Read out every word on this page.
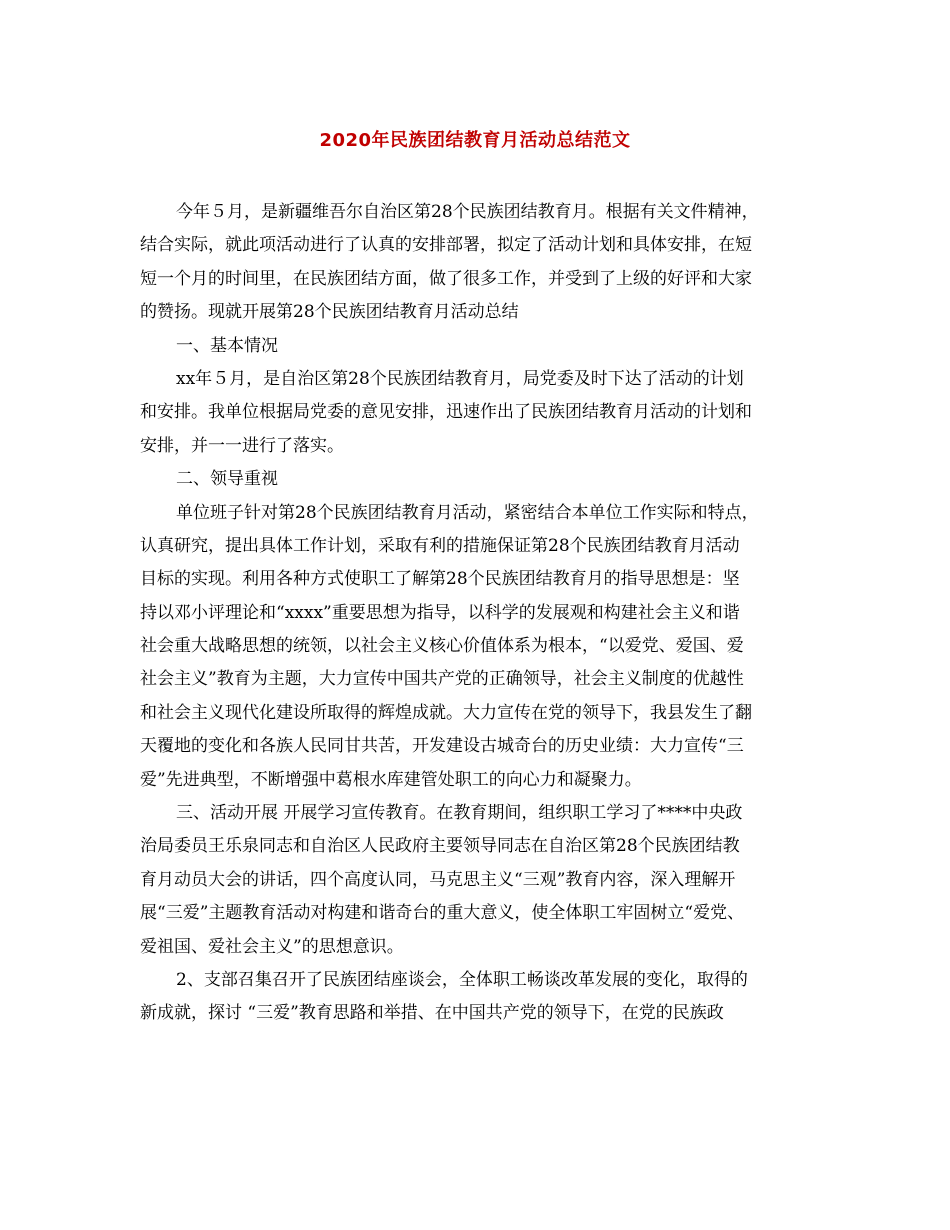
2020年民族团结教育月活动总结范文
今年５月，是新疆维吾尔自治区第28个民族团结教育月。根据有关文件精神，
结合实际，就此项活动进行了认真的安排部署，拟定了活动计划和具体安排，在短
短一个月的时间里，在民族团结方面，做了很多工作，并受到了上级的好评和大家
的赞扬。现就开展第28个民族团结教育月活动总结
一、基本情况
xx年５月，是自治区第28个民族团结教育月，局党委及时下达了活动的计划
和安排。我单位根据局党委的意见安排，迅速作出了民族团结教育月活动的计划和
安排，并一一进行了落实。
二、领导重视
单位班子针对第28个民族团结教育月活动，紧密结合本单位工作实际和特点，
认真研究，提出具体工作计划，采取有利的措施保证第28个民族团结教育月活动
目标的实现。利用各种方式使职工了解第28个民族团结教育月的指导思想是：坚
持以邓小评理论和“xxxx”重要思想为指导，以科学的发展观和构建社会主义和谐
社会重大战略思想的统领，以社会主义核心价值体系为根本，“以爱党、爱国、爱
社会主义”教育为主题，大力宣传中国共产党的正确领导，社会主义制度的优越性
和社会主义现代化建设所取得的辉煌成就。大力宣传在党的领导下，我县发生了翻
天覆地的变化和各族人民同甘共苦，开发建设古城奇台的历史业绩：大力宣传“三
爱”先进典型，不断增强中葛根水库建管处职工的向心力和凝聚力。
三、活动开展 开展学习宣传教育。在教育期间，组织职工学习了****中央政
治局委员王乐泉同志和自治区人民政府主要领导同志在自治区第28个民族团结教
育月动员大会的讲话，四个高度认同，马克思主义“三观”教育内容，深入理解开
展“三爱”主题教育活动对构建和谐奇台的重大意义，使全体职工牢固树立“爱党、
爱祖国、爱社会主义”的思想意识。
2、支部召集召开了民族团结座谈会，全体职工畅谈改革发展的变化，取得的
新成就，探讨 “三爱”教育思路和举措、在中国共产党的领导下，在党的民族政
